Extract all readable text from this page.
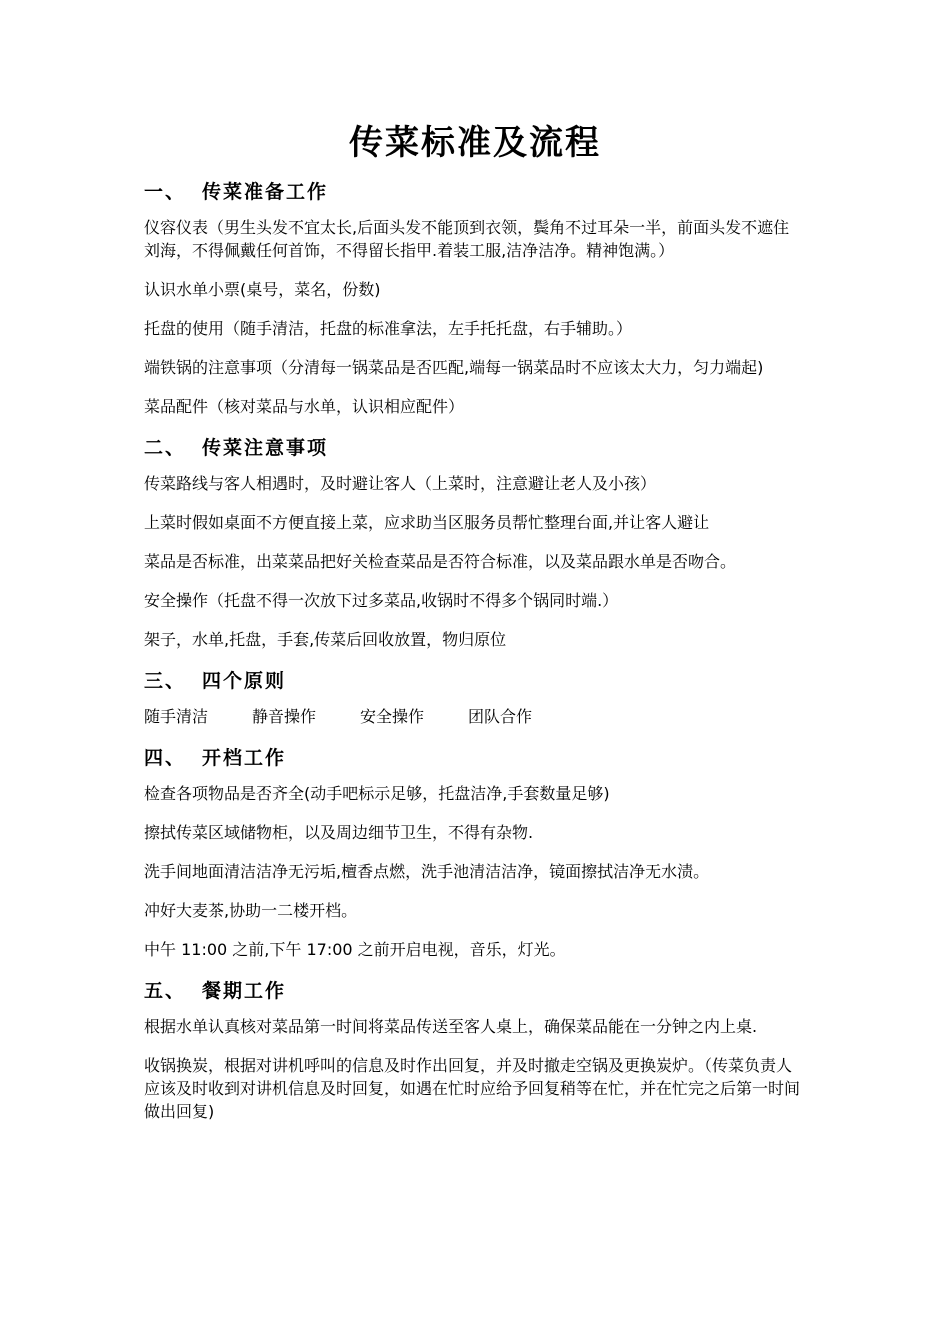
传菜标准及流程
一、 传菜准备工作

仪容仪表（男生头发不宜太长,后面头发不能顶到衣领，鬓角不过耳朵一半，前面头发不遮住刘海，不得佩戴任何首饰，不得留长指甲.着装工服,洁净洁净。精神饱满。）

认识水单小票(桌号，菜名，份数)

托盘的使用（随手清洁，托盘的标准拿法，左手托托盘，右手辅助。）

端铁锅的注意事项（分清每一锅菜品是否匹配,端每一锅菜品时不应该太大力，匀力端起)

菜品配件（核对菜品与水单，认识相应配件）

二、 传菜注意事项

传菜路线与客人相遇时，及时避让客人（上菜时，注意避让老人及小孩）

上菜时假如桌面不方便直接上菜，应求助当区服务员帮忙整理台面,并让客人避让

菜品是否标准，出菜菜品把好关检查菜品是否符合标准，以及菜品跟水单是否吻合。

安全操作（托盘不得一次放下过多菜品,收锅时不得多个锅同时端.）

架子，水单,托盘，手套,传菜后回收放置，物归原位

三、 四个原则
随手清洁	静音操作	安全操作	团队合作
四、 开档工作

检查各项物品是否齐全(动手吧标示足够，托盘洁净,手套数量足够)

擦拭传菜区域储物柜，以及周边细节卫生，不得有杂物.

洗手间地面清洁洁净无污垢,檀香点燃，洗手池清洁洁净，镜面擦拭洁净无水渍。

冲好大麦茶,协助一二楼开档。

中午 11:00 之前,下午 17:00 之前开启电视，音乐，灯光。

五、 餐期工作

根据水单认真核对菜品第一时间将菜品传送至客人桌上，确保菜品能在一分钟之内上桌.

收锅换炭，根据对讲机呼叫的信息及时作出回复，并及时撤走空锅及更换炭炉。（传菜负责人应该及时收到对讲机信息及时回复，如遇在忙时应给予回复稍等在忙，并在忙完之后第一时间做出回复)
